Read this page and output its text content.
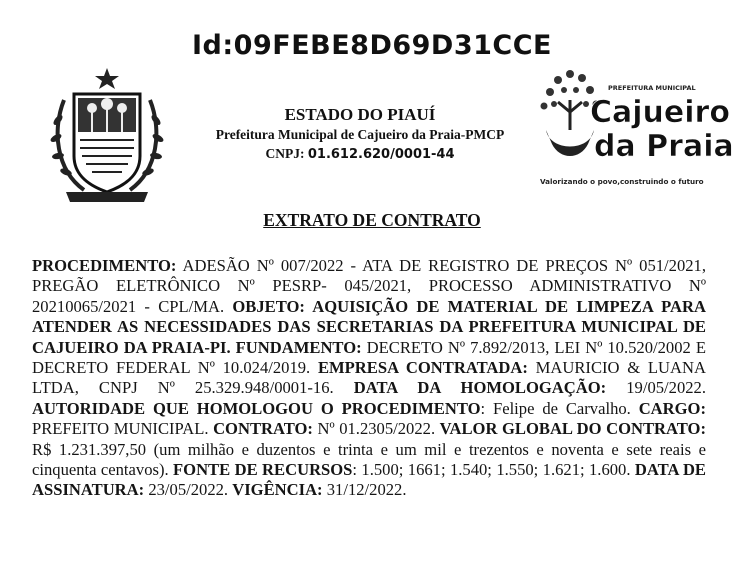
Id:09FEBE8D69D31CCE
ESTADO DO PIAUÍ
Prefeitura Municipal de Cajueiro da Praia-PMCP
CNPJ: 01.612.620/0001-44
PREFEITURA MUNICIPAL
Cajueiro
da Praia
Valorizando o povo,construindo o futuro
EXTRATO DE CONTRATO
PROCEDIMENTO: ADESÃO Nº 007/2022 - ATA DE REGISTRO DE PREÇOS Nº 051/2021, PREGÃO ELETRÔNICO Nº PESRP- 045/2021, PROCESSO ADMINISTRATIVO Nº 20210065/2021 - CPL/MA. OBJETO: AQUISIÇÃO DE MATERIAL DE LIMPEZA PARA ATENDER AS NECESSIDADES DAS SECRETARIAS DA PREFEITURA MUNICIPAL DE CAJUEIRO DA PRAIA-PI. FUNDAMENTO: DECRETO Nº 7.892/2013, LEI Nº 10.520/2002 E DECRETO FEDERAL Nº 10.024/2019. EMPRESA CONTRATADA: MAURICIO & LUANA LTDA, CNPJ Nº 25.329.948/0001-16. DATA DA HOMOLOGAÇÃO: 19/05/2022. AUTORIDADE QUE HOMOLOGOU O PROCEDIMENTO: Felipe de Carvalho. CARGO: PREFEITO MUNICIPAL. CONTRATO: Nº 01.2305/2022. VALOR GLOBAL DO CONTRATO: R$ 1.231.397,50 (um milhão e duzentos e trinta e um mil e trezentos e noventa e sete reais e cinquenta centavos). FONTE DE RECURSOS: 1.500; 1661; 1.540; 1.550; 1.621; 1.600. DATA DE ASSINATURA: 23/05/2022. VIGÊNCIA: 31/12/2022.
